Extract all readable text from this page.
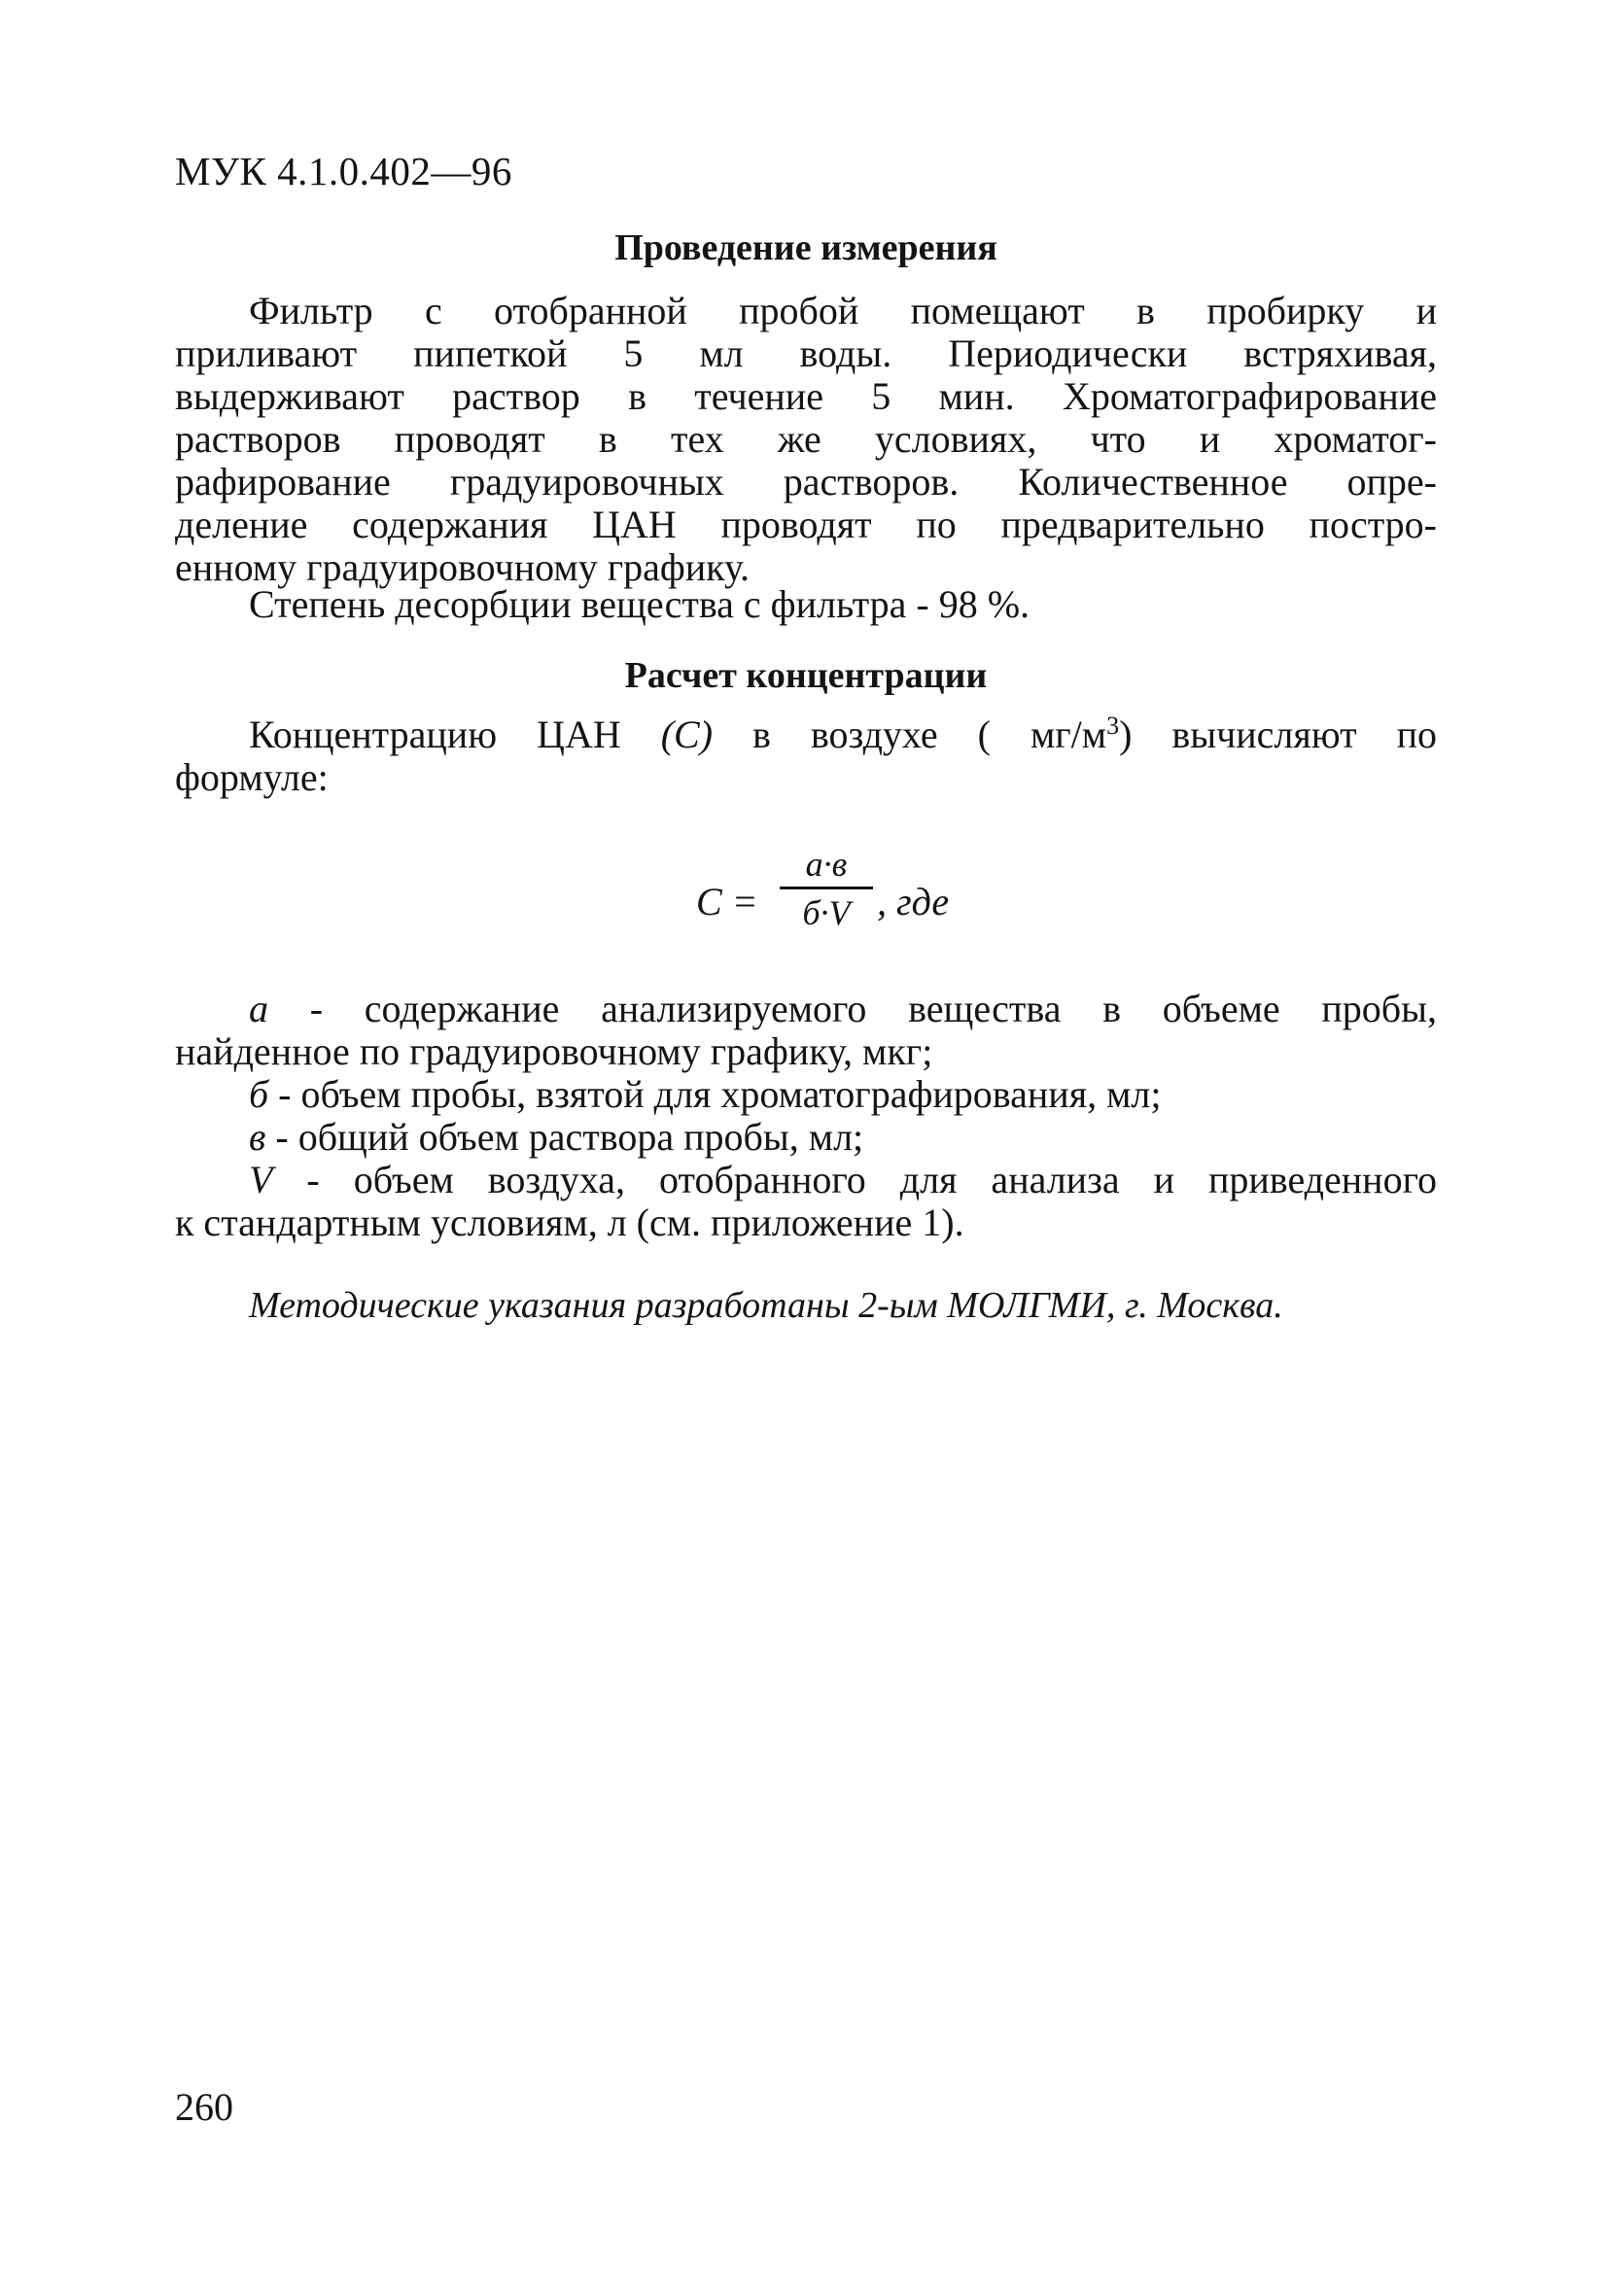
МУК 4.1.0.402—96
Проведение измерения
Фильтр с отобранной пробой помещают в пробирку и
приливают пипеткой 5 мл воды. Периодически встряхивая,
выдерживают раствор в течение 5 мин. Хроматографирование
растворов проводят в тех же условиях, что и хроматог-
рафирование градуировочных растворов. Количественное опре-
деление содержания ЦАН проводят по предварительно постро-
енному градуировочному графику.
Степень десорбции вещества с фильтра - 98 %.
Расчет концентрации
Концентрацию ЦАН (С) в воздухе ( $мг/м^3$) вычисляют по
формуле:
С =
а·в
б·V , где
а - содержание анализируемого вещества в объеме пробы,
найденное по градуировочному графику, мкг;
б - объем пробы, взятой для хроматографирования, мл;
в - общий объем раствора пробы, мл;
V - объем воздуха, отобранного для анализа и приведенного
к стандартным условиям, л (см. приложение 1).
Методические указания разработаны 2-ым МОЛГМИ, г. Москва.
260
